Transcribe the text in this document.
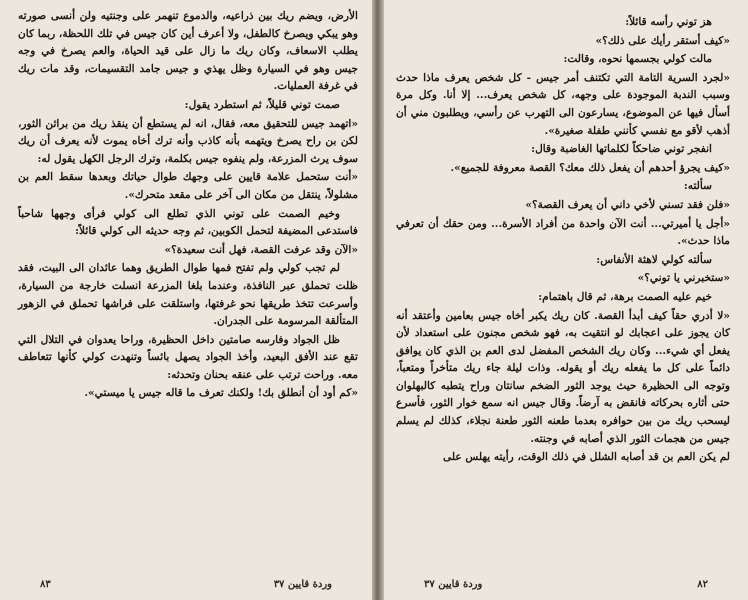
الأرض، ويضم ريك بين ذراعيه، والدموع تنهمر على وجنتيه ولن أنسى صورته وهو يبكي ويصرخ كالطفل، ولا أعرف أين كان جيس في تلك اللحظة، ربما كان يطلب الاسعاف، وكان ريك ما زال على قيد الحياة، والعم يصرخ في وجه جيس وهو في السيارة وظل يهذي و جيس جامد التقسيمات، وقد مات ريك في غرفة العمليات.

صمت توني قليلاً، ثم استطرد يقول:

«اتهمد جيس للتحقيق معه، فقال، انه لم يستطع أن ينقذ ريك من براثن الثور، لكن بن راح يصرخ ويتهمه بأنه كاذب وأنه ترك أخاه يموت لأنه يعرف أن ريك سوف يرث المزرعة، ولم ينفوه جيس بكلمة، وترك الرجل الكهل يقول له:

«أنت ستحمل علامة قايين على وجهك طوال حياتك وبعدها سقط العم بن مشلولاً، ينتقل من مكان الى آخر على مقعد متحرك».

وخيم الصمت على توني الذي تطلع الى كولي فرأى وجهها شاحباً فاستدعى المضيفة لتحمل الكوبين، ثم وجه حديثه الى كولي قائلاً:

«الآن وقد عرفت القصة، فهل أنت سعيدة؟»

لم تجب كولي ولم تفتح فمها طوال الطريق وهما عائدان الى البيت، فقد ظلت تحملق عبر النافذة، وعندما بلغا المزرعة انسلت خارجة من السيارة، وأسرعت تتخذ طريقها نحو غرفتها، واستلقت على فراشها تحملق في الزهور المتألقة المرسومة على الجدران.

ظل الجواد وفارسه صامتين داخل الحظيرة، وراحا يعدوان في التلال التي تقع عند الأفق البعيد، وأخذ الجواد يصهل بائساً وتنهدت كولي كأنها تتعاطف معه. وراحت ترتب على عنقه بحنان وتحدثه:

«كم أود أن أنطلق بك! ولكنك تعرف ما قاله جيس يا ميستي».

وردة قايين ٣٧
٨٣

هز توني رأسه قائلاً:

«كيف أستقر رأيك على ذلك؟»

مالت كولي بجسمها نحوه، وقالت:

«لجرد السرية التامة التي تكتنف أمر جيس - كل شخص يعرف ماذا حدث وسبب الندبة الموجودة على وجهه، كل شخص يعرف... إلا أنا. وكل مرة أسأل فيها عن الموضوع، يسارعون الى التهرب عن رأسي، ويطلبون مني أن أذهب لأقو مع نفسي كأنني طفلة صغيرة».

انفجر توني ضاحكاً لكلماتها الغاضبة وقال:

«كيف يجرؤ أحدهم أن يفعل ذلك معك؟ القصة معروفة للجميع».

سألته:

«فلن فقد تسني لأخي داني أن يعرف القصة؟»

«أجل يا أميرتي... أنت الآن واحدة من أفراد الأسرة... ومن حقك أن تعرفي ماذا حدث».

سألته كولي لاهثة الأنفاس:

«ستخبرني يا توني؟»

خيم عليه الصمت برهة، ثم قال باهتمام:

«لا أدري حقاً كيف أبدأ القصة. كان ريك يكبر أخاه جيس بعامين وأعتقد أنه كان يجوز على اعجابك لو انتقيت به، فهو شخص مجنون على استعداد لأن يفعل أي شيء... وكان ريك الشخص المفضل لدى العم بن الذي كان يوافق دائماً على كل ما يفعله ريك أو يقوله. وذات ليلة جاء ريك متأخراً ومتعباً، وتوجه الى الحظيرة حيث يوجد الثور الضخم سانتان وراح يتطبه كالبهلوان حتى أثاره بحركاته فانقض به آرضاً. وقال جيس انه سمع خوار الثور، فأسرع ليسحب ريك من بين حوافره بعدما طعنه الثور طعنة نجلاء، كذلك لم يسلم جيس من هجمات الثور الذي أصابه في وجنته.

لم يكن العم بن قد أصابه الشلل في ذلك الوقت، رأيته يهلس على

٨٢
وردة قايين ٣٧
